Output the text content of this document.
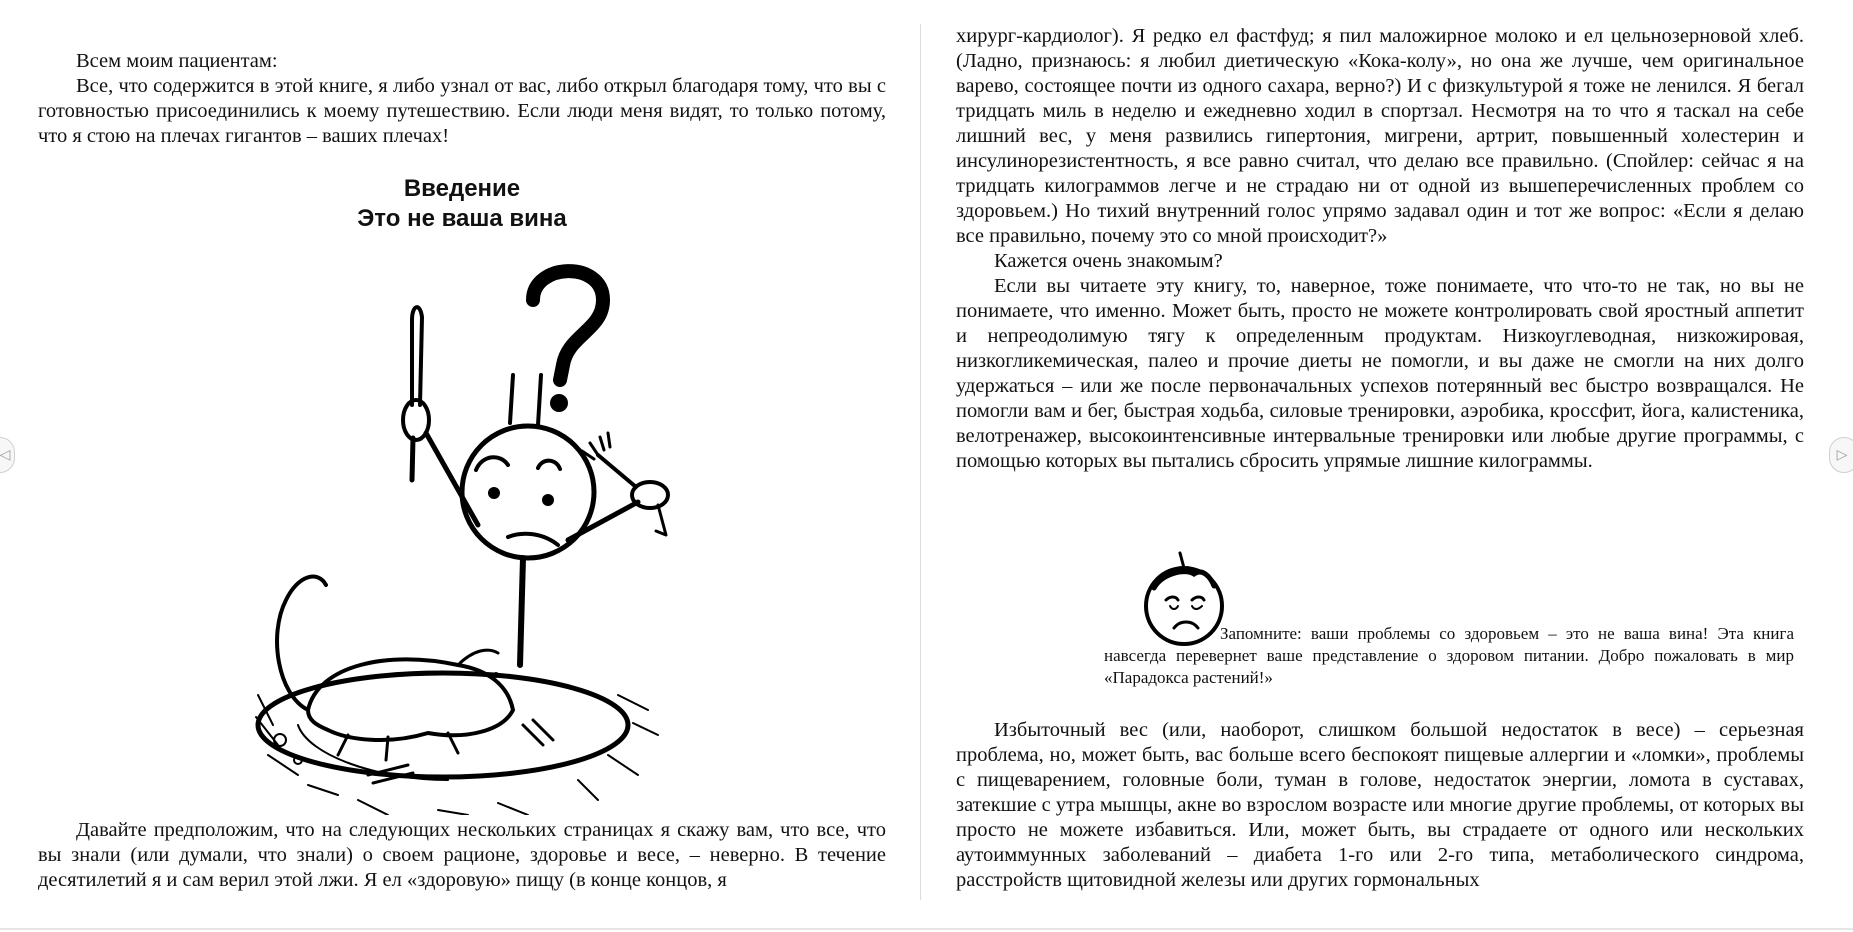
Всем моим пациентам:

Все, что содержится в этой книге, я либо узнал от вас, либо открыл благодаря тому, что вы с готовностью присоединились к моему путешествию. Если люди меня видят, то только потому, что я стою на плечах гигантов – ваших плечах!

Введение
Это не ваша вина

Давайте предположим, что на следующих нескольких страницах я скажу вам, что все, что вы знали (или думали, что знали) о своем рационе, здоровье и весе, – неверно. В течение десятилетий я и сам верил этой лжи. Я ел «здоровую» пищу (в конце концов, я

хирург-кардиолог). Я редко ел фастфуд; я пил маложирное молоко и ел цельнозерновой хлеб. (Ладно, признаюсь: я любил диетическую «Кока-колу», но она же лучше, чем оригинальное варево, состоящее почти из одного сахара, верно?) И с физкультурой я тоже не ленился. Я бегал тридцать миль в неделю и ежедневно ходил в спортзал. Несмотря на то что я таскал на себе лишний вес, у меня развились гипертония, мигрени, артрит, повышенный холестерин и инсулинорезистентность, я все равно считал, что делаю все правильно. (Спойлер: сейчас я на тридцать килограммов легче и не страдаю ни от одной из вышеперечисленных проблем со здоровьем.) Но тихий внутренний голос упрямо задавал один и тот же вопрос: «Если я делаю все правильно, почему это со мной происходит?»

Кажется очень знакомым?

Если вы читаете эту книгу, то, наверное, тоже понимаете, что что-то не так, но вы не понимаете, что именно. Может быть, просто не можете контролировать свой яростный аппетит и непреодолимую тягу к определенным продуктам. Низкоуглеводная, низкожировая, низкогликемическая, палео и прочие диеты не помогли, и вы даже не смогли на них долго удержаться – или же после первоначальных успехов потерянный вес быстро возвращался. Не помогли вам и бег, быстрая ходьба, силовые тренировки, аэробика, кроссфит, йога, калистеника, велотренажер, высокоинтенсивные интервальные тренировки или любые другие программы, с помощью которых вы пытались сбросить упрямые лишние килограммы.

Запомните: ваши проблемы со здоровьем – это не ваша вина! Эта книга навсегда перевернет ваше представление о здоровом питании. Добро пожаловать в мир «Парадокса растений!»

Избыточный вес (или, наоборот, слишком большой недостаток в весе) – серьезная проблема, но, может быть, вас больше всего беспокоят пищевые аллергии и «ломки», проблемы с пищеварением, головные боли, туман в голове, недостаток энергии, ломота в суставах, затекшие с утра мышцы, акне во взрослом возрасте или многие другие проблемы, от которых вы просто не можете избавиться. Или, может быть, вы страдаете от одного или нескольких аутоиммунных заболеваний – диабета 1-го или 2-го типа, метаболического синдрома, расстройств щитовидной железы или других гормональных

◁	▷
